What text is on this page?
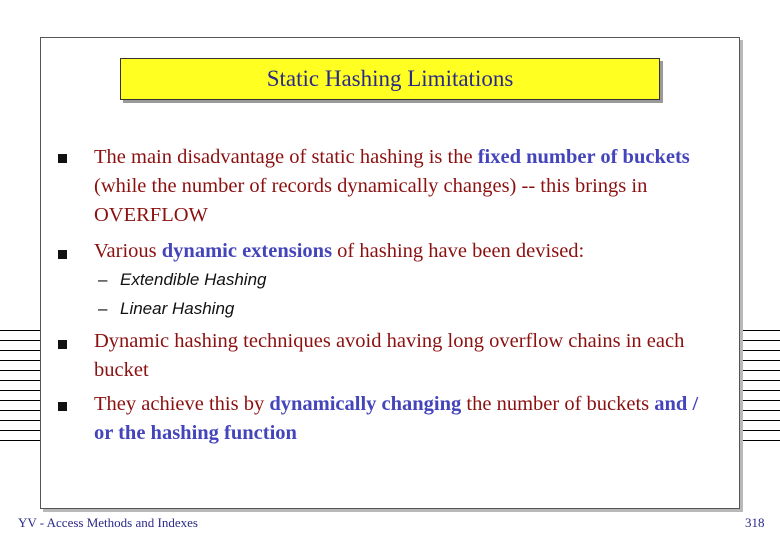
Static Hashing Limitations
The main disadvantage of static hashing is the fixed number of buckets (while the number of records dynamically changes) -- this brings in OVERFLOW
Various dynamic extensions of hashing have been devised:
– Extendible Hashing
– Linear Hashing
Dynamic hashing techniques avoid having long overflow chains in each bucket
They achieve this by dynamically changing the number of buckets and / or the hashing function
YV - Access Methods and Indexes	318
